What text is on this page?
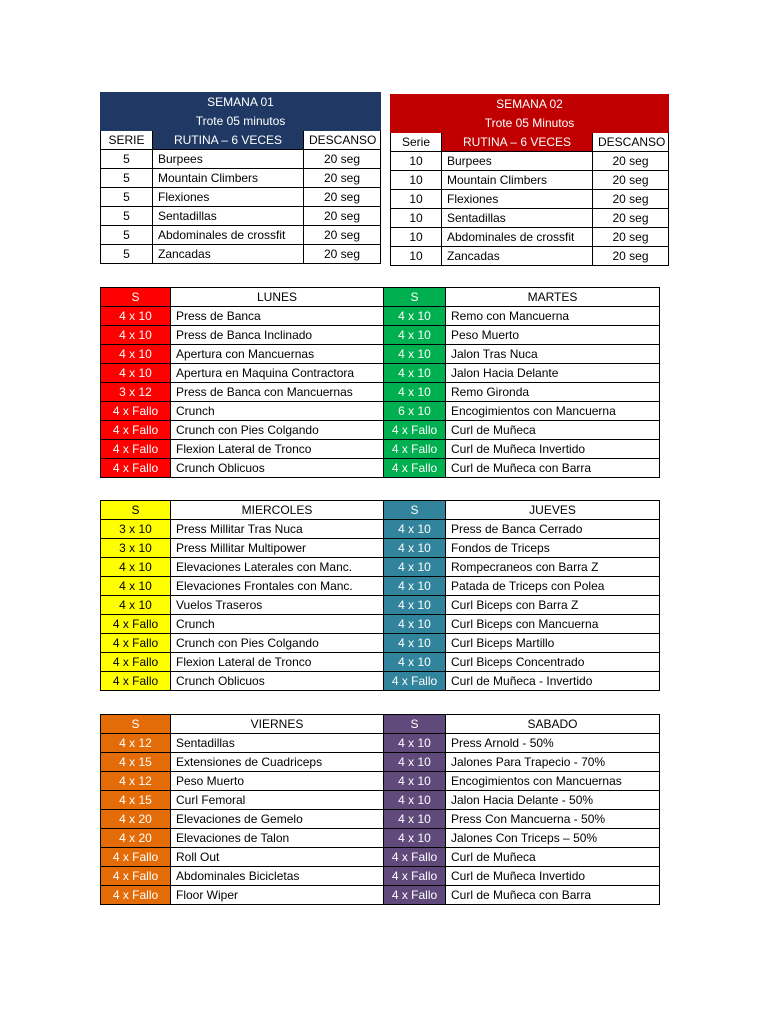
SEMANA 01		
Trote 05 minutos		
SERIE	RUTINA – 6 VECES	DESCANSO
5	Burpees	20 seg
5	Mountain Climbers	20 seg
5	Flexiones	20 seg
5	Sentadillas	20 seg
5	Abdominales de crossfit	20 seg
5	Zancadas	20 seg
SEMANA 02		
Trote 05 Minutos		
Serie	RUTINA – 6 VECES	DESCANSO
10	Burpees	20 seg
10	Mountain Climbers	20 seg
10	Flexiones	20 seg
10	Sentadillas	20 seg
10	Abdominales de crossfit	20 seg
10	Zancadas	20 seg
S	LUNES	S	MARTES
4 x 10	Press de Banca	4 x 10	Remo con Mancuerna
4 x 10	Press de Banca Inclinado	4 x 10	Peso Muerto
4 x 10	Apertura con Mancuernas	4 x 10	Jalon Tras Nuca
4 x 10	Apertura en Maquina Contractora	4 x 10	Jalon Hacia Delante
3 x 12	Press de Banca con Mancuernas	4 x 10	Remo Gironda
4 x Fallo	Crunch	6 x 10	Encogimientos con Mancuerna
4 x Fallo	Crunch con Pies Colgando	4 x Fallo	Curl de Muñeca
4 x Fallo	Flexion Lateral de Tronco	4 x Fallo	Curl de Muñeca Invertido
4 x Fallo	Crunch Oblicuos	4 x Fallo	Curl de Muñeca con Barra
S	MIERCOLES	S	JUEVES
3 x 10	Press Millitar Tras Nuca	4 x 10	Press de Banca Cerrado
3 x 10	Press Millitar Multipower	4 x 10	Fondos de Triceps
4 x 10	Elevaciones Laterales con Manc.	4 x 10	Rompecraneos con Barra Z
4 x 10	Elevaciones Frontales con Manc.	4 x 10	Patada de Triceps con Polea
4 x 10	Vuelos Traseros	4 x 10	Curl Biceps con Barra Z
4 x Fallo	Crunch	4 x 10	Curl Biceps con Mancuerna
4 x Fallo	Crunch con Pies Colgando	4 x 10	Curl Biceps Martillo
4 x Fallo	Flexion Lateral de Tronco	4 x 10	Curl Biceps Concentrado
4 x Fallo	Crunch Oblicuos	4 x Fallo	Curl de Muñeca - Invertido
S	VIERNES	S	SABADO
4 x 12	Sentadillas	4 x 10	Press Arnold - 50%
4 x 15	Extensiones de Cuadriceps	4 x 10	Jalones Para Trapecio - 70%
4 x 12	Peso Muerto	4 x 10	Encogimientos con Mancuernas
4 x 15	Curl Femoral	4 x 10	Jalon Hacia Delante - 50%
4 x 20	Elevaciones de Gemelo	4 x 10	Press Con Mancuerna - 50%
4 x 20	Elevaciones de Talon	4 x 10	Jalones Con Triceps – 50%
4 x Fallo	Roll Out	4 x Fallo	Curl de Muñeca
4 x Fallo	Abdominales Bicicletas	4 x Fallo	Curl de Muñeca Invertido
4 x Fallo	Floor Wiper	4 x Fallo	Curl de Muñeca con Barra
